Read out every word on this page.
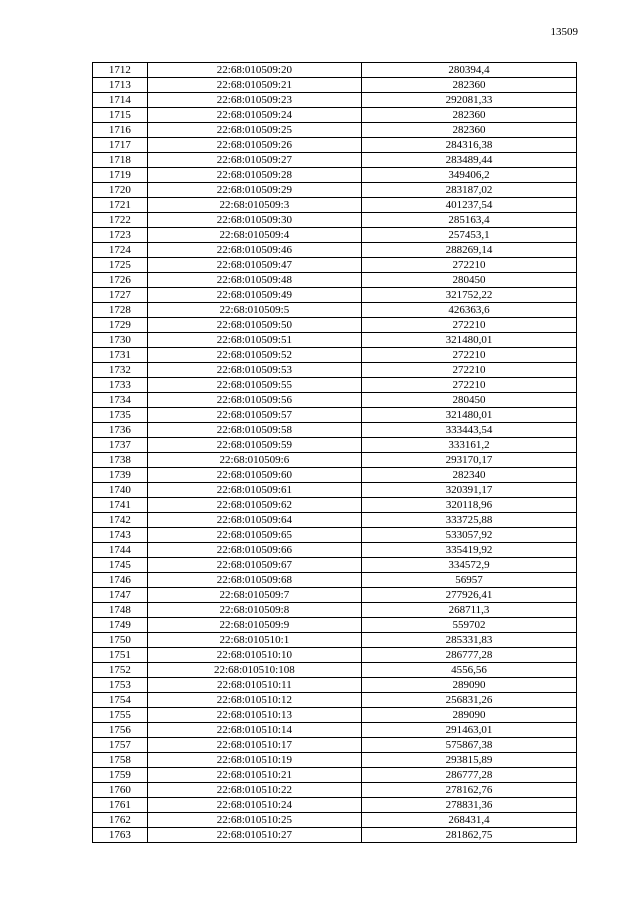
13509
1712	22:68:010509:20	280394,4
1713	22:68:010509:21	282360
1714	22:68:010509:23	292081,33
1715	22:68:010509:24	282360
1716	22:68:010509:25	282360
1717	22:68:010509:26	284316,38
1718	22:68:010509:27	283489,44
1719	22:68:010509:28	349406,2
1720	22:68:010509:29	283187,02
1721	22:68:010509:3	401237,54
1722	22:68:010509:30	285163,4
1723	22:68:010509:4	257453,1
1724	22:68:010509:46	288269,14
1725	22:68:010509:47	272210
1726	22:68:010509:48	280450
1727	22:68:010509:49	321752,22
1728	22:68:010509:5	426363,6
1729	22:68:010509:50	272210
1730	22:68:010509:51	321480,01
1731	22:68:010509:52	272210
1732	22:68:010509:53	272210
1733	22:68:010509:55	272210
1734	22:68:010509:56	280450
1735	22:68:010509:57	321480,01
1736	22:68:010509:58	333443,54
1737	22:68:010509:59	333161,2
1738	22:68:010509:6	293170,17
1739	22:68:010509:60	282340
1740	22:68:010509:61	320391,17
1741	22:68:010509:62	320118,96
1742	22:68:010509:64	333725,88
1743	22:68:010509:65	533057,92
1744	22:68:010509:66	335419,92
1745	22:68:010509:67	334572,9
1746	22:68:010509:68	56957
1747	22:68:010509:7	277926,41
1748	22:68:010509:8	268711,3
1749	22:68:010509:9	559702
1750	22:68:010510:1	285331,83
1751	22:68:010510:10	286777,28
1752	22:68:010510:108	4556,56
1753	22:68:010510:11	289090
1754	22:68:010510:12	256831,26
1755	22:68:010510:13	289090
1756	22:68:010510:14	291463,01
1757	22:68:010510:17	575867,38
1758	22:68:010510:19	293815,89
1759	22:68:010510:21	286777,28
1760	22:68:010510:22	278162,76
1761	22:68:010510:24	278831,36
1762	22:68:010510:25	268431,4
1763	22:68:010510:27	281862,75
